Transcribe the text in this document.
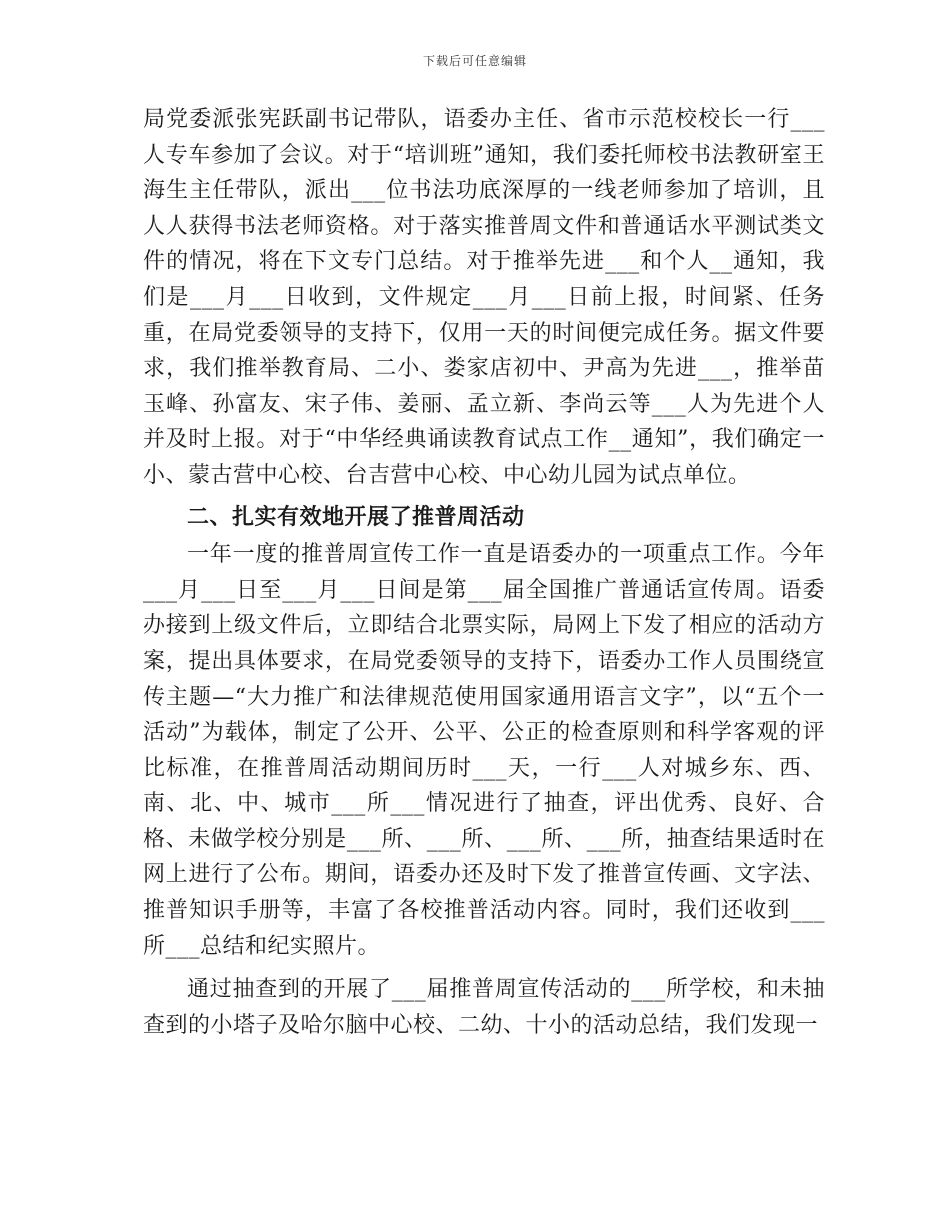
下载后可任意编辑

局党委派张宪跃副书记带队，语委办主任、省市示范校校长一行___人专车参加了会议。对于“培训班”通知，我们委托师校书法教研室王海生主任带队，派出___位书法功底深厚的一线老师参加了培训，且人人获得书法老师资格。对于落实推普周文件和普通话水平测试类文件的情况，将在下文专门总结。对于推举先进___和个人__通知，我们是___月___日收到，文件规定___月___日前上报，时间紧、任务重，在局党委领导的支持下，仅用一天的时间便完成任务。据文件要求，我们推举教育局、二小、娄家店初中、尹高为先进___，推举苗玉峰、孙富友、宋子伟、姜丽、孟立新、李尚云等___人为先进个人并及时上报。对于“中华经典诵读教育试点工作__通知”，我们确定一小、蒙古营中心校、台吉营中心校、中心幼儿园为试点单位。

二、扎实有效地开展了推普周活动

一年一度的推普周宣传工作一直是语委办的一项重点工作。今年___月___日至___月___日间是第___届全国推广普通话宣传周。语委办接到上级文件后，立即结合北票实际，局网上下发了相应的活动方案，提出具体要求，在局党委领导的支持下，语委办工作人员围绕宣传主题—“大力推广和法律规范使用国家通用语言文字”，以“五个一活动”为载体，制定了公开、公平、公正的检查原则和科学客观的评比标准，在推普周活动期间历时___天，一行___人对城乡东、西、南、北、中、城市___所___情况进行了抽查，评出优秀、良好、合格、未做学校分别是___所、___所、___所、___所，抽查结果适时在网上进行了公布。期间，语委办还及时下发了推普宣传画、文字法、推普知识手册等，丰富了各校推普活动内容。同时，我们还收到___所___总结和纪实照片。

通过抽查到的开展了___届推普周宣传活动的___所学校，和未抽查到的小塔子及哈尔脑中心校、二幼、十小的活动总结，我们发现一
